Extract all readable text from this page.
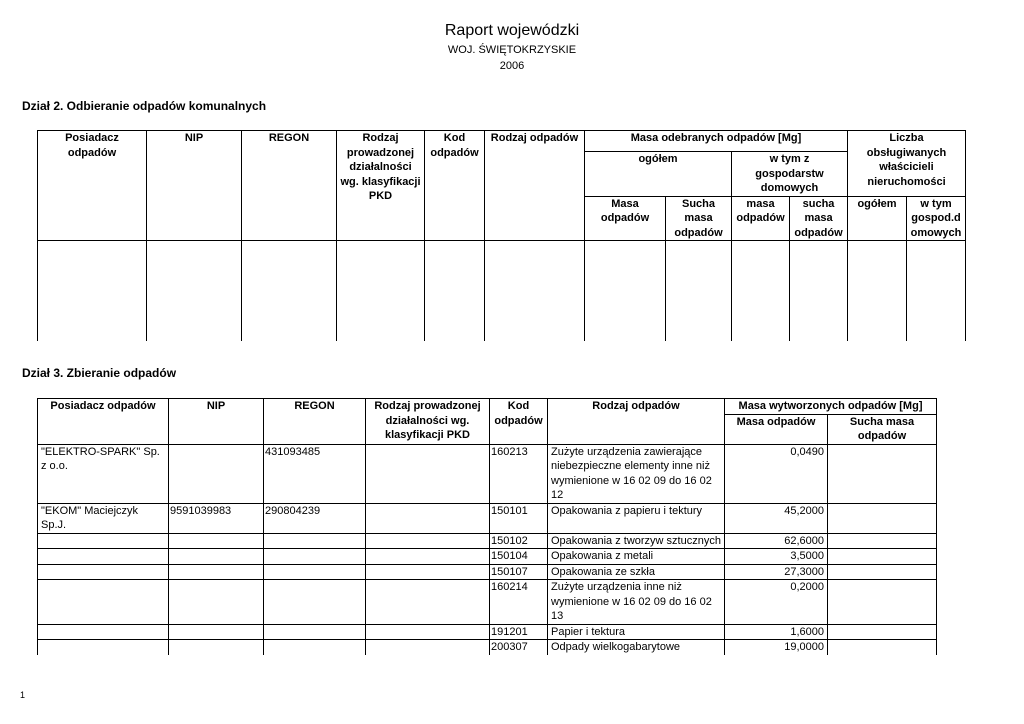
Raport wojewódzki
WOJ. ŚWIĘTOKRZYSKIE
2006
Dział 2. Odbieranie odpadów komunalnych
Posiadacz odpadów	NIP	REGON	Rodzaj prowadzonej działalności wg. klasyfikacji PKD	Kod odpadów	Rodzaj odpadów	Masa odebranych odpadów [Mg]				Liczba obsługiwanych właścicieli nieruchomości	
						ogółem		w tym z gospodarstw domowych			
						Masa odpadów	Sucha masa odpadów	masa odpadów	sucha masa odpadów	ogółem	w tym gospod.d omowych

Dział 3. Zbieranie odpadów
Posiadacz odpadów	NIP	REGON	Rodzaj prowadzonej działalności wg. klasyfikacji PKD	Kod odpadów	Rodzaj odpadów	Masa wytworzonych odpadów [Mg]	
						Masa odpadów	Sucha masa odpadów
"ELEKTRO-SPARK" Sp. z o.o.		431093485		160213	Zużyte urządzenia zawierające niebezpieczne elementy inne niż wymienione w 16 02 09 do 16 02 12	0,0490	
"EKOM" Maciejczyk Sp.J.	9591039983	290804239		150101	Opakowania z papieru i tektury	45,2000	
				150102	Opakowania z tworzyw sztucznych	62,6000	
				150104	Opakowania z metali	3,5000	
				150107	Opakowania ze szkła	27,3000	
				160214	Zużyte urządzenia inne niż wymienione w 16 02 09 do 16 02 13	0,2000	
				191201	Papier i tektura	1,6000	
				200307	Odpady wielkogabarytowe	19,0000	
1
